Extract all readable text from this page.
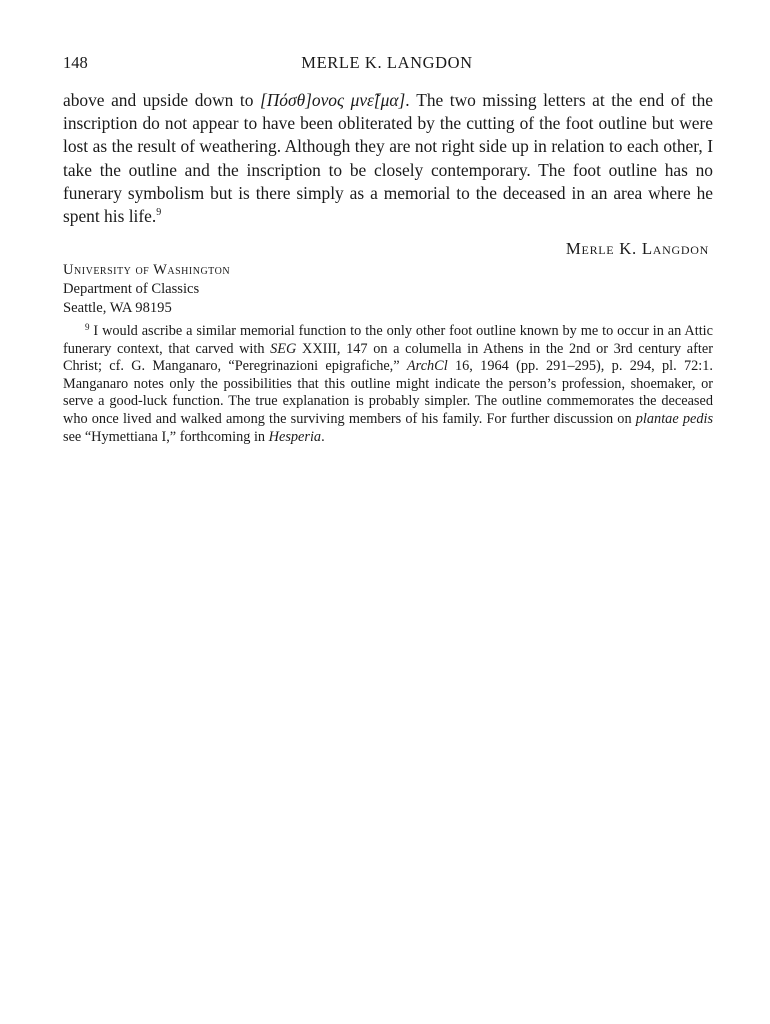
148	MERLE K. LANGDON

above and upside down to [Πόσθ]ονος μνε̃[μα]. The two missing letters at the end of the inscription do not appear to have been obliterated by the cutting of the foot outline but were lost as the result of weathering. Although they are not right side up in relation to each other, I take the outline and the inscription to be closely contemporary. The foot outline has no funerary symbolism but is there simply as a memorial to the deceased in an area where he spent his life.$^9$

Merle K. Langdon
University of Washington
Department of Classics
Seattle, WA 98195

$^9$ I would ascribe a similar memorial function to the only other foot outline known by me to occur in an Attic funerary context, that carved with SEG XXIII, 147 on a columella in Athens in the 2nd or 3rd century after Christ; cf. G. Manganaro, “Peregrinazioni epigrafiche,” ArchCl 16, 1964 (pp. 291–295), p. 294, pl. 72:1. Manganaro notes only the possibilities that this outline might indicate the person’s profession, shoemaker, or serve a good-luck function. The true explanation is probably simpler. The outline commemorates the deceased who once lived and walked among the surviving members of his family. For further discussion on plantae pedis see “Hymettiana I,” forthcoming in Hesperia.
